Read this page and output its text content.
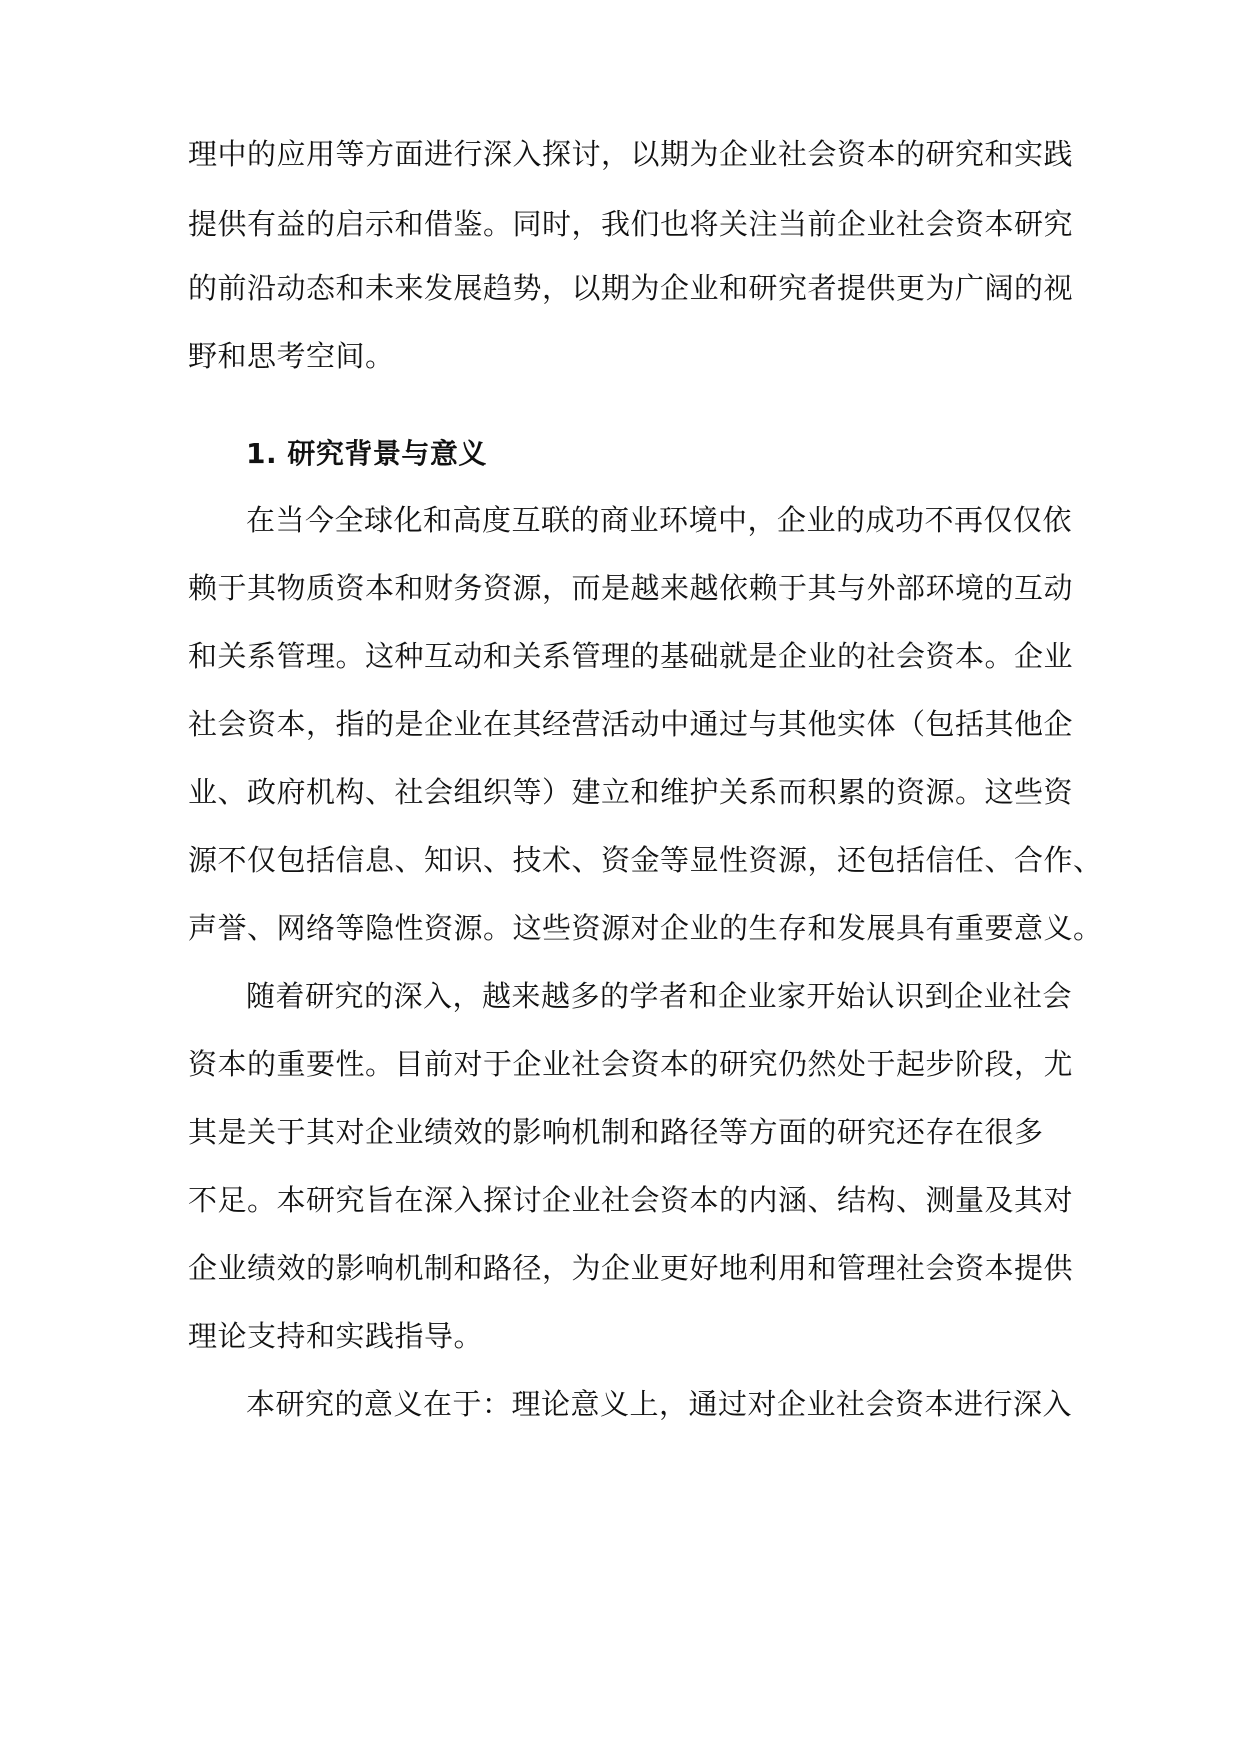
理中的应用等方面进行深入探讨，以期为企业社会资本的研究和实践
提供有益的启示和借鉴。同时，我们也将关注当前企业社会资本研究
的前沿动态和未来发展趋势，以期为企业和研究者提供更为广阔的视
野和思考空间。
1. 研究背景与意义
在当今全球化和高度互联的商业环境中，企业的成功不再仅仅依
赖于其物质资本和财务资源，而是越来越依赖于其与外部环境的互动
和关系管理。这种互动和关系管理的基础就是企业的社会资本。企业
社会资本，指的是企业在其经营活动中通过与其他实体（包括其他企
业、政府机构、社会组织等）建立和维护关系而积累的资源。这些资
源不仅包括信息、知识、技术、资金等显性资源，还包括信任、合作、
声誉、网络等隐性资源。这些资源对企业的生存和发展具有重要意义。
随着研究的深入，越来越多的学者和企业家开始认识到企业社会
资本的重要性。目前对于企业社会资本的研究仍然处于起步阶段，尤
其是关于其对企业绩效的影响机制和路径等方面的研究还存在很多
不足。本研究旨在深入探讨企业社会资本的内涵、结构、测量及其对
企业绩效的影响机制和路径，为企业更好地利用和管理社会资本提供
理论支持和实践指导。
本研究的意义在于：理论意义上，通过对企业社会资本进行深入
